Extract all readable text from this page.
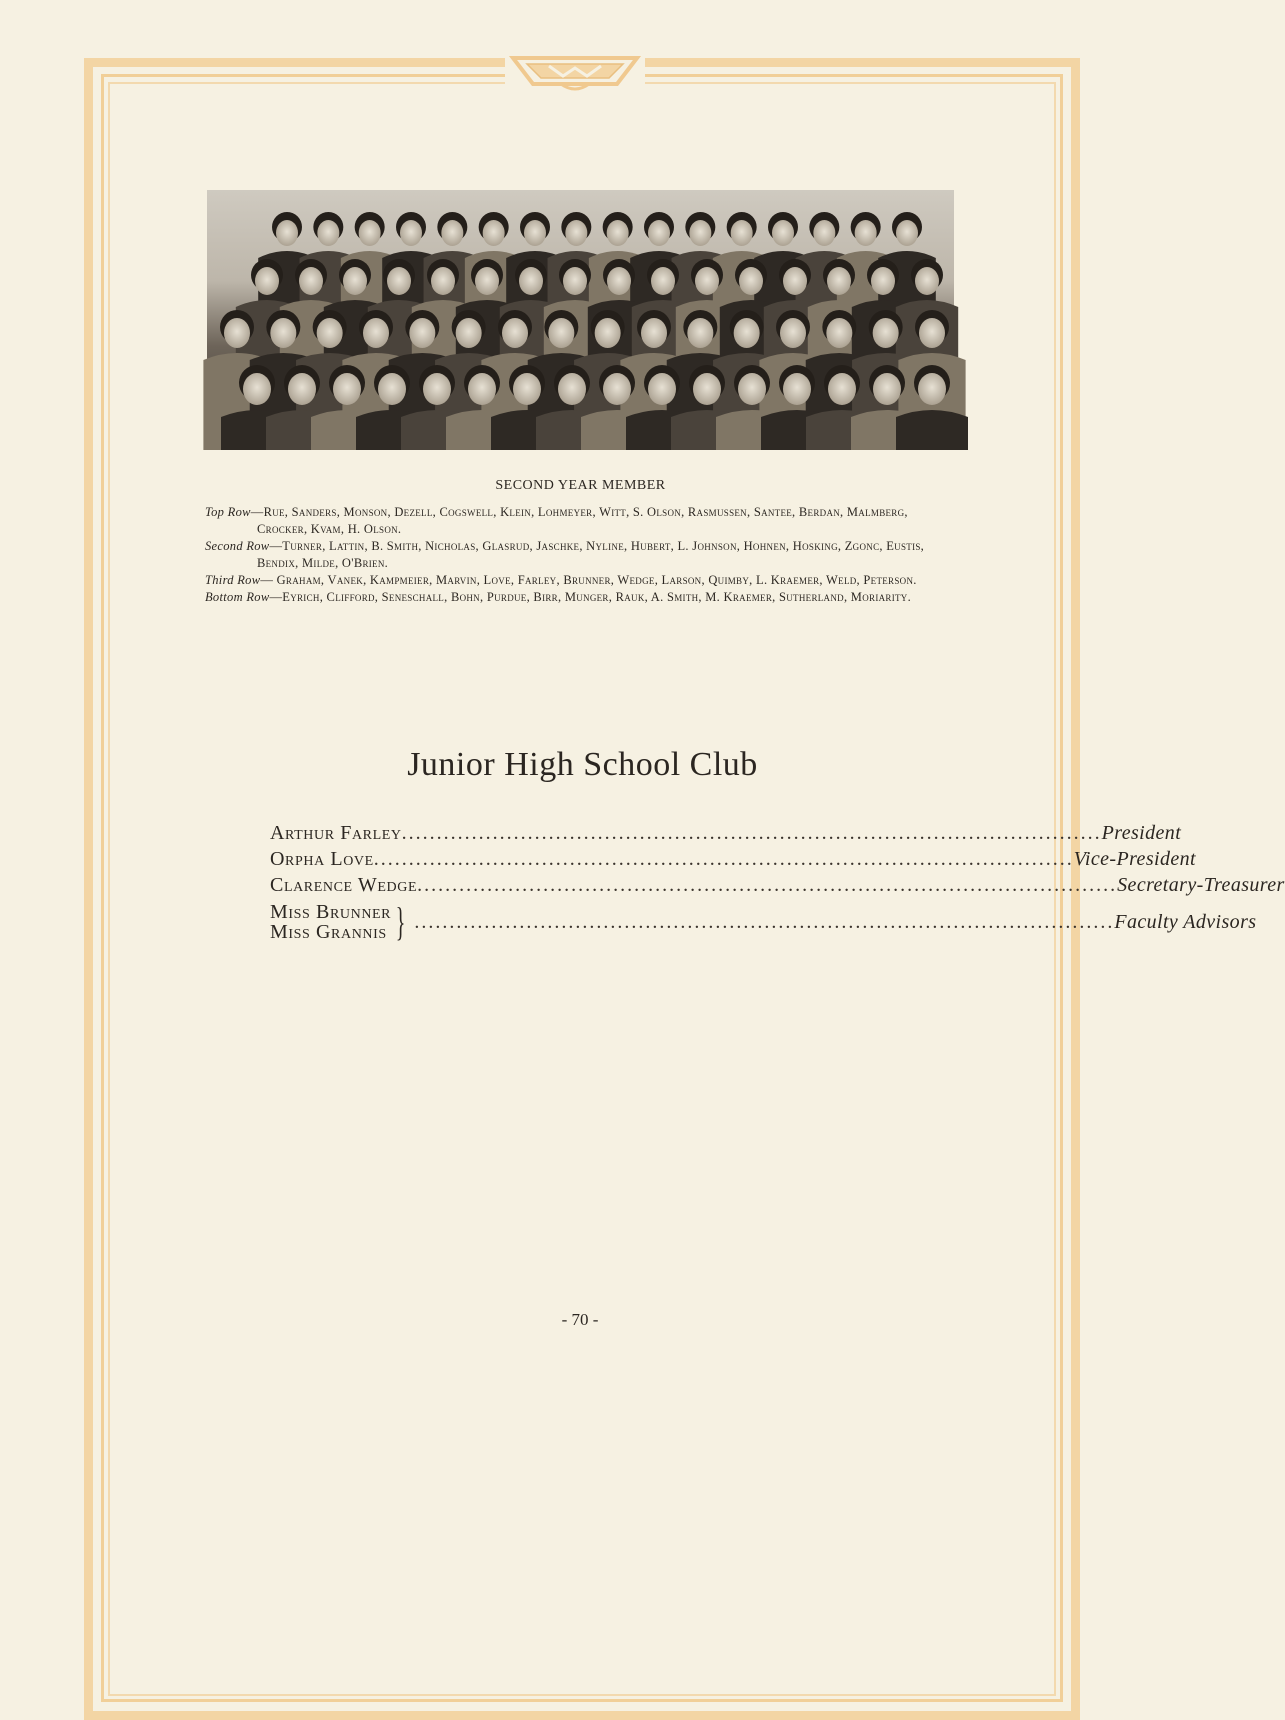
SECOND YEAR MEMBER

Top Row—Rue, Sanders, Monson, Dezell, Cogswell, Klein, Lohmeyer, Witt, S. Olson, Rasmussen, Santee, Berdan, Malmberg, Crocker, Kvam, H. Olson.

Second Row—Turner, Lattin, B. Smith, Nicholas, Glasrud, Jaschke, Nyline, Hubert, L. Johnson, Hohnen, Hosking, Zgonc, Eustis, Bendix, Milde, O'Brien.

Third Row— Graham, Vanek, Kampmeier, Marvin, Love, Farley, Brunner, Wedge, Larson, Quimby, L. Kraemer, Weld, Peterson.

Bottom Row—Eyrich, Clifford, Seneschall, Bohn, Purdue, Birr, Munger, Rauk, A. Smith, M. Kraemer, Sutherland, Moriarity.

Junior High School Club
Arthur Farley .................................................................................................... President
Orpha Love .................................................................................................... Vice-President
Clarence Wedge .................................................................................................... Secretary-Treasurer
Miss Brunner
Miss Grannis } .................................................................................................... Faculty Advisors
- 70 -
